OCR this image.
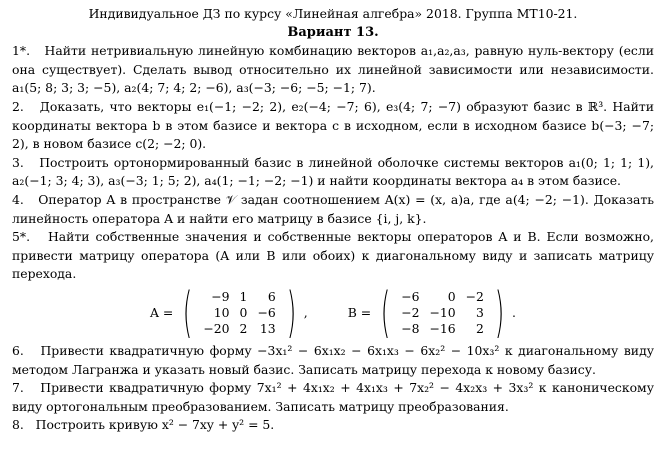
Индивидуальное ДЗ по курсу «Линейная алгебра» 2018. Группа МТ10-21.
Вариант 13.

1*. Найти нетривиальную линейную комбинацию векторов a₁,a₂,a₃, равную нуль-вектору (если она существует). Сделать вывод относительно их линейной зависимости или независимости. a₁(5; 8; 3; 3; −5), a₂(4; 7; 4; 2; −6), a₃(−3; −6; −5; −1; 7).

2. Доказать, что векторы e₁(−1; −2; 2), e₂(−4; −7; 6), e₃(4; 7; −7) образуют базис в ℝ³. Найти координаты вектора b в этом базисе и вектора c в исходном, если в исходном базисе b(−3; −7; 2), в новом базисе c(2; −2; 0).

3. Построить ортонормированный базис в линейной оболочке системы векторов a₁(0; 1; 1; 1), a₂(−1; 3; 4; 3), a₃(−3; 1; 5; 2), a₄(1; −1; −2; −1) и найти координаты вектора a₄ в этом базисе.

4. Оператор A в пространстве 𝒱 задан соотношением A(x) = (x, a)a, где a(4; −2; −1). Доказать линейность оператора A и найти его матрицу в базисе {i, j, k}.

5*. Найти собственные значения и собственные векторы операторов A и B. Если возможно, привести матрицу оператора (A или B или обоих) к диагональному виду и записать матрицу перехода.

A = ( −9	1	6
10	0	−6
−20	2	13 ) ,	B = ( −6	0	−2
−2	−10	3
−8	−16	2 ) .

6. Привести квадратичную форму −3x₁² − 6x₁x₂ − 6x₁x₃ − 6x₂² − 10x₃² к диагональному виду методом Лагранжа и указать новый базис. Записать матрицу перехода к новому базису.

7. Привести квадратичную форму 7x₁² + 4x₁x₂ + 4x₁x₃ + 7x₂² − 4x₂x₃ + 3x₃² к каноническому виду ортогональным преобразованием. Записать матрицу преобразования.

8. Построить кривую x² − 7xy + y² = 5.
